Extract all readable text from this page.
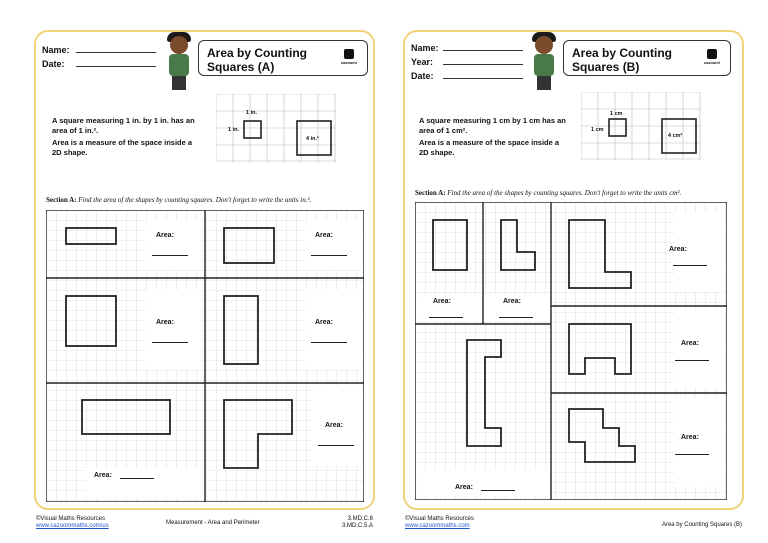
Name:
Date:
Area by Counting Squares (A)	cazoom!
A square measuring 1 in. by 1 in. has an area of 1 in.².
Area is a measure of the space inside a 2D shape.
1 in.
1 in.
4 in.²
Section A: Find the area of the shapes by counting squares. Don't forget to write the units in.².
Area:	Area:
Area:	Area:
Area:
Area:
©Visual Maths Resources
www.cazoommaths.com/us	Measurement - Area and Perimeter
3.MD.C.6
3.MD.C.5.A
Name:
Year:
Date:
Area by Counting Squares (B)	cazoom!
A square measuring 1 cm by 1 cm has an area of 1 cm².
Area is a measure of the space inside a 2D shape.
1 cm
1 cm
4 cm²
Section A: Find the area of the shapes by counting squares. Don't forget to write the units cm².
Area:
Area:	Area:
Area:
Area:
Area:
©Visual Maths Resources
www.cazoommaths.com	Area by Counting Squares (B)
